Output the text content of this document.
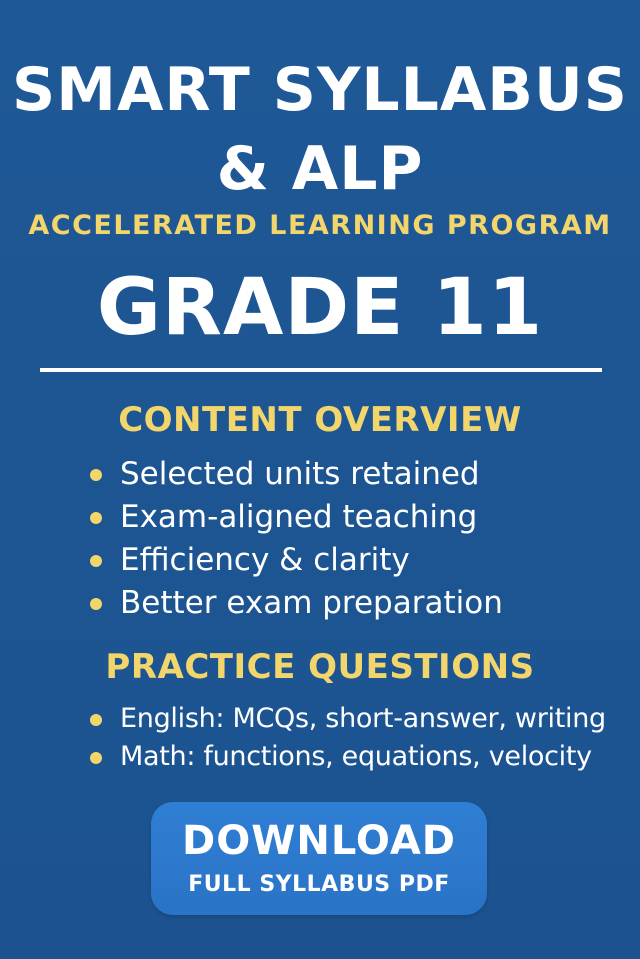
SMART SYLLABUS
& ALP
ACCELERATED LEARNING PROGRAM
GRADE 11
CONTENT OVERVIEW
Selected units retained
Exam-aligned teaching
Efficiency & clarity
Better exam preparation
PRACTICE QUESTIONS
English: MCQs, short-answer, writing
Math: functions, equations, velocity
DOWNLOAD
FULL SYLLABUS PDF
